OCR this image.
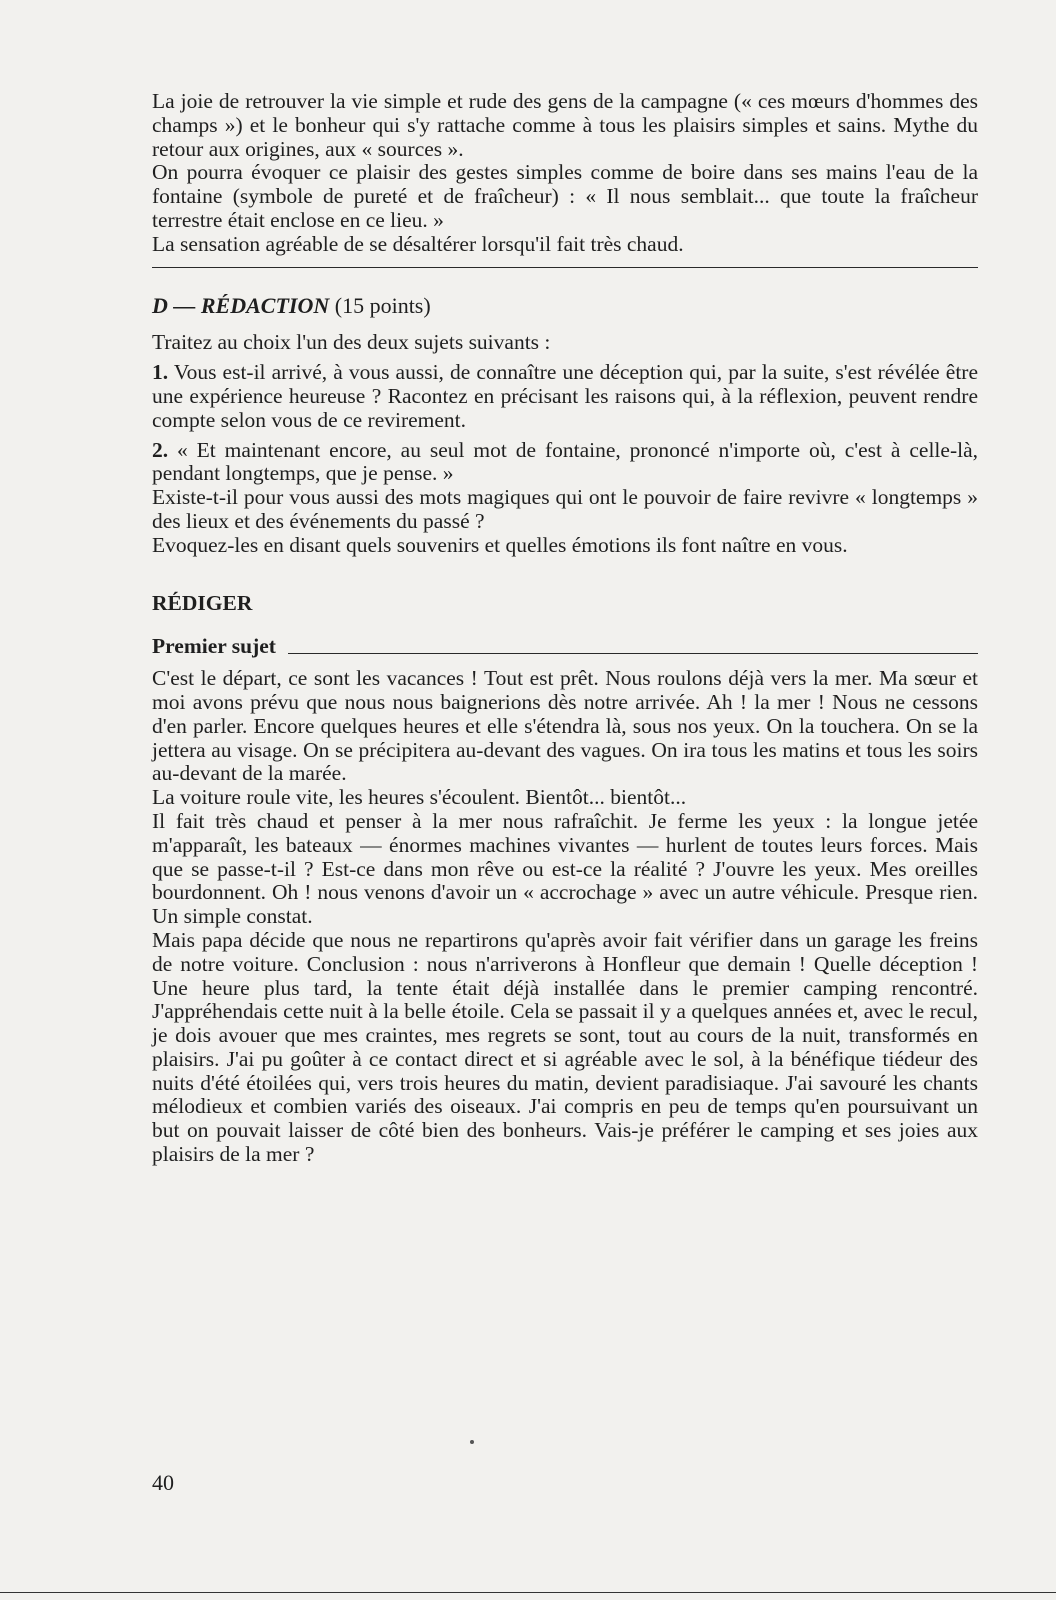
La joie de retrouver la vie simple et rude des gens de la campagne (« ces mœurs d'hommes des champs ») et le bonheur qui s'y rattache comme à tous les plaisirs simples et sains. Mythe du retour aux origines, aux « sources ».

On pourra évoquer ce plaisir des gestes simples comme de boire dans ses mains l'eau de la fontaine (symbole de pureté et de fraîcheur) : « Il nous semblait... que toute la fraîcheur terrestre était enclose en ce lieu. »

La sensation agréable de se désaltérer lorsqu'il fait très chaud.

D — RÉDACTION (15 points)

Traitez au choix l'un des deux sujets suivants :

1. Vous est-il arrivé, à vous aussi, de connaître une déception qui, par la suite, s'est révélée être une expérience heureuse ? Racontez en précisant les raisons qui, à la réflexion, peuvent rendre compte selon vous de ce revirement.

2. « Et maintenant encore, au seul mot de fontaine, prononcé n'importe où, c'est à celle-là, pendant longtemps, que je pense. »

Existe-t-il pour vous aussi des mots magiques qui ont le pouvoir de faire revivre « longtemps » des lieux et des événements du passé ?

Evoquez-les en disant quels souvenirs et quelles émotions ils font naître en vous.

RÉDIGER
Premier sujet

C'est le départ, ce sont les vacances ! Tout est prêt. Nous roulons déjà vers la mer. Ma sœur et moi avons prévu que nous nous baignerions dès notre arrivée. Ah ! la mer ! Nous ne cessons d'en parler. Encore quelques heures et elle s'étendra là, sous nos yeux. On la touchera. On se la jettera au visage. On se précipitera au-devant des vagues. On ira tous les matins et tous les soirs au-devant de la marée.

La voiture roule vite, les heures s'écoulent. Bientôt... bientôt...

Il fait très chaud et penser à la mer nous rafraîchit. Je ferme les yeux : la longue jetée m'apparaît, les bateaux — énormes machines vivantes — hurlent de toutes leurs forces. Mais que se passe-t-il ? Est-ce dans mon rêve ou est-ce la réalité ? J'ouvre les yeux. Mes oreilles bourdonnent. Oh ! nous venons d'avoir un « accrochage » avec un autre véhicule. Presque rien. Un simple constat.

Mais papa décide que nous ne repartirons qu'après avoir fait vérifier dans un garage les freins de notre voiture. Conclusion : nous n'arriverons à Honfleur que demain ! Quelle déception ! Une heure plus tard, la tente était déjà installée dans le premier camping rencontré. J'appréhendais cette nuit à la belle étoile. Cela se passait il y a quelques années et, avec le recul, je dois avouer que mes craintes, mes regrets se sont, tout au cours de la nuit, transformés en plaisirs. J'ai pu goûter à ce contact direct et si agréable avec le sol, à la bénéfique tiédeur des nuits d'été étoilées qui, vers trois heures du matin, devient paradisiaque. J'ai savouré les chants mélodieux et combien variés des oiseaux. J'ai compris en peu de temps qu'en poursuivant un but on pouvait laisser de côté bien des bonheurs. Vais-je préférer le camping et ses joies aux plaisirs de la mer ?

40
